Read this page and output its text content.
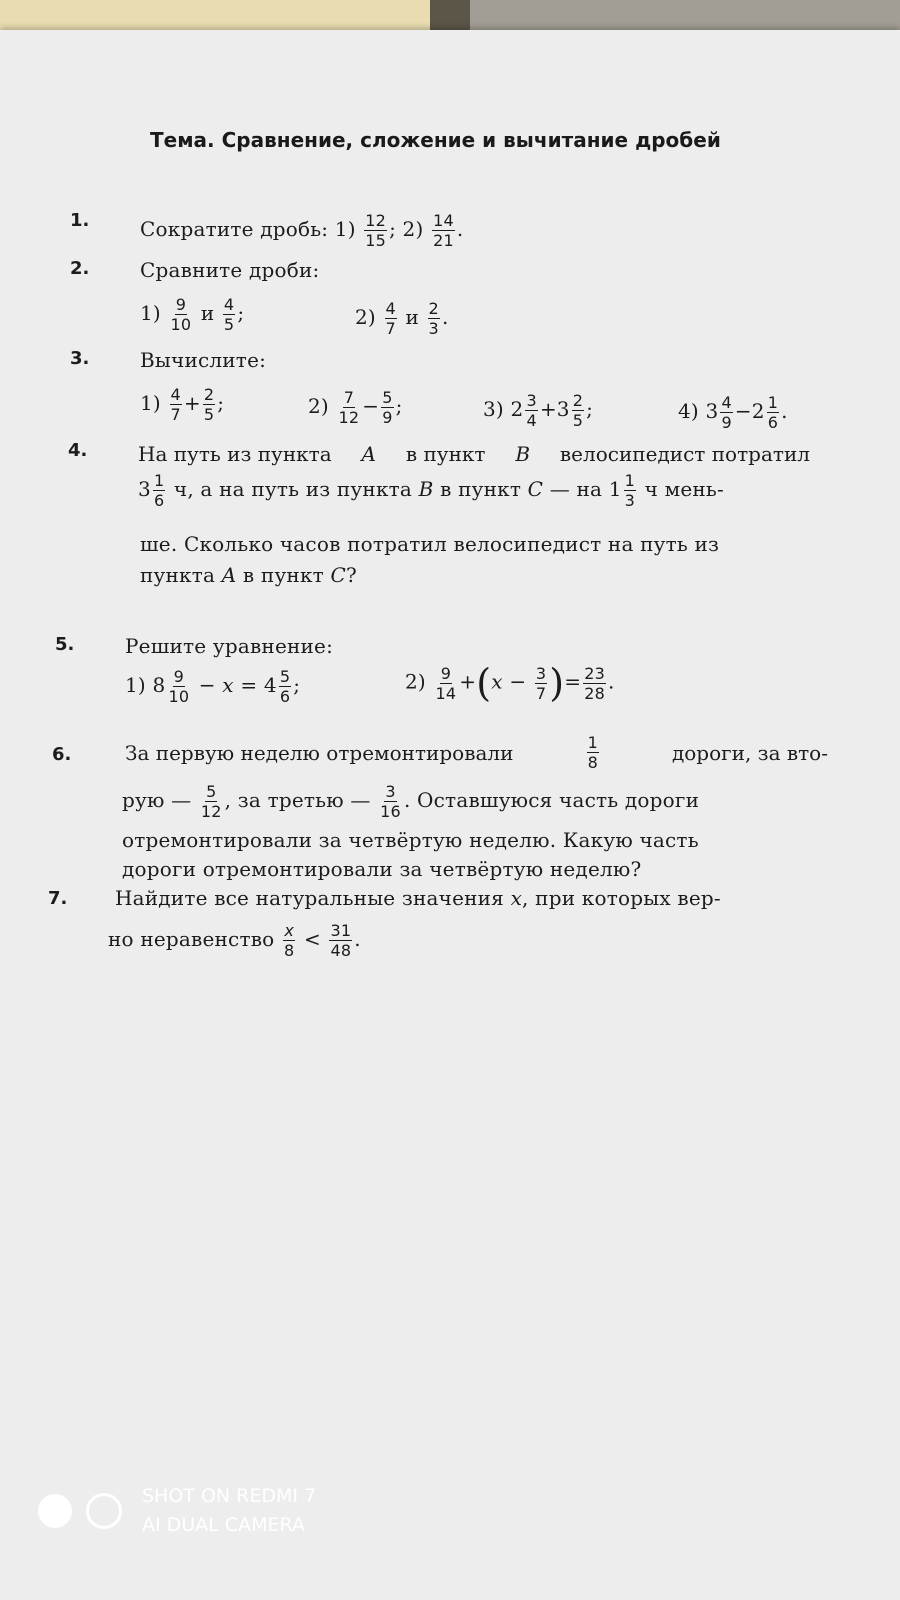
Тема. Сравнение, сложение и вычитание дробей
1.	Сократите дробь: $1) \frac{12}{15}$ ; $2) \frac{14}{21}$ .
2.	Сравните дроби:
$1) \frac{9}{10}$ и $\frac{4}{5}$ ;	$2) \frac{4}{7}$ и $\frac{2}{3}$ .
3.	Вычислите:
$1) \frac{4}{7} + \frac{2}{5}$ ;	$2) \frac{7}{12} - \frac{5}{9}$ ;	3) $2 \frac{3}{4} +3 \frac{2}{5}$ ;	4) $3 \frac{4}{9} -2 \frac{1}{6}$ .
4.	На путь из пункта A в пункт B велосипедист потратил
$3 \frac{1}{6} ч$, а на путь из пункта B в пункт C — на $1 \frac{1}{3}$ ч мень-
ше. Сколько часов потратил велосипедист на путь из
пункта A в пункт C?
5.	Решите уравнение:
1) $8 \frac{9}{10} - x = 4 \frac{5}{6}$ ;	$2) \frac{9}{14} +(x - \frac{3}{7}$ )= $\frac{23}{28}$ .
6.	За первую неделю отремонтировали	$\frac{1}{8}$	дороги, за вто-
рую — $\frac{5}{12}$ , за третью — $\frac{3}{16}$ . Оставшуюся часть дороги
отремонтировали за четвёртую неделю. Какую часть
дороги отремонтировали за четвёртую неделю?
7. Найдите все натуральные значения x, при которых вер-
но неравенство $\frac{x}{8} < \frac{31}{48}$ .
SHOT ON REDMI 7
AI DUAL CAMERA
